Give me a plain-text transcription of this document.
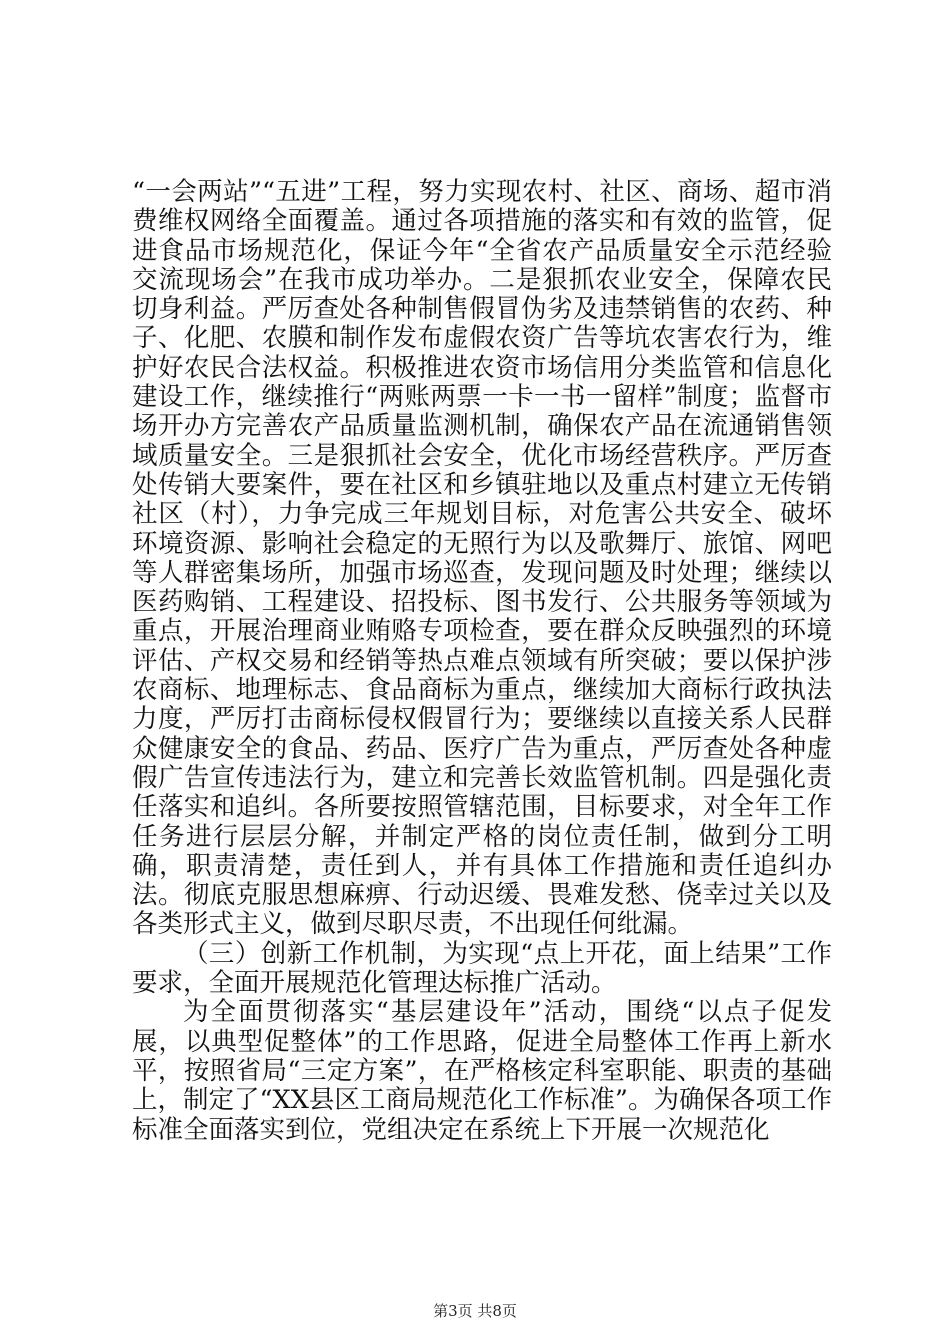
“一会两站”“五进”工程，努力实现农村、社区、商场、超市消费维权网络全面覆盖。通过各项措施的落实和有效的监管，促进食品市场规范化，保证今年“全省农产品质量安全示范经验交流现场会”在我市成功举办。二是狠抓农业安全，保障农民切身利益。严厉查处各种制售假冒伪劣及违禁销售的农药、种子、化肥、农膜和制作发布虚假农资广告等坑农害农行为，维护好农民合法权益。积极推进农资市场信用分类监管和信息化建设工作，继续推行“两账两票一卡一书一留样”制度；监督市场开办方完善农产品质量监测机制，确保农产品在流通销售领域质量安全。三是狠抓社会安全，优化市场经营秩序。严厉查处传销大要案件，要在社区和乡镇驻地以及重点村建立无传销社区（村），力争完成三年规划目标，对危害公共安全、破坏环境资源、影响社会稳定的无照行为以及歌舞厅、旅馆、网吧等人群密集场所，加强市场巡查，发现问题及时处理；继续以医药购销、工程建设、招投标、图书发行、公共服务等领域为重点，开展治理商业贿赂专项检查，要在群众反映强烈的环境评估、产权交易和经销等热点难点领域有所突破；要以保护涉农商标、地理标志、食品商标为重点，继续加大商标行政执法力度，严厉打击商标侵权假冒行为；要继续以直接关系人民群众健康安全的食品、药品、医疗广告为重点，严厉查处各种虚假广告宣传违法行为，建立和完善长效监管机制。四是强化责任落实和追纠。各所要按照管辖范围，目标要求，对全年工作任务进行层层分解，并制定严格的岗位责任制，做到分工明确，职责清楚，责任到人，并有具体工作措施和责任追纠办法。彻底克服思想麻痹、行动迟缓、畏难发愁、侥幸过关以及各类形式主义，做到尽职尽责，不出现任何纰漏。

（三）创新工作机制，为实现“点上开花，面上结果”工作要求，全面开展规范化管理达标推广活动。

为全面贯彻落实“基层建设年”活动，围绕“以点子促发展，以典型促整体”的工作思路，促进全局整体工作再上新水平，按照省局“三定方案”，在严格核定科室职能、职责的基础上，制定了“XX县区工商局规范化工作标准”。为确保各项工作标准全面落实到位，党组决定在系统上下开展一次规范化

第3页 共8页
